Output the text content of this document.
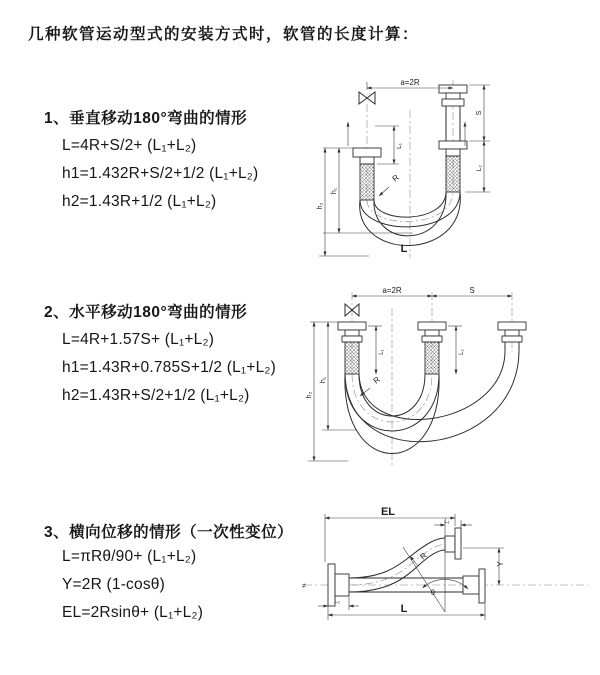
几种软管运动型式的安装方式时，软管的长度计算：
1、垂直移动180°弯曲的情形
L=4R+S/2+ (L₁+L₂)
h1=1.432R+S/2+1/2 (L₁+L₂)
h2=1.43R+1/2 (L₁+L₂)
2、水平移动180°弯曲的情形
L=4R+1.57S+ (L₁+L₂)
h1=1.43R+0.785S+1/2 (L₁+L₂)
h2=1.43R+S/2+1/2 (L₁+L₂)
3、横向位移的情形（一次性变位）
L=πRθ/90+ (L₁+L₂)
Y=2R (1-cosθ)
EL=2Rsinθ+ (L₁+L₂)
a=2R
h₁
h₂
L₁
S
L₂
R
L
a=2R	S
h₁
h₂
L₁	L₂
R
EL
L₁
Y
θ
R
L
L₂
≠
